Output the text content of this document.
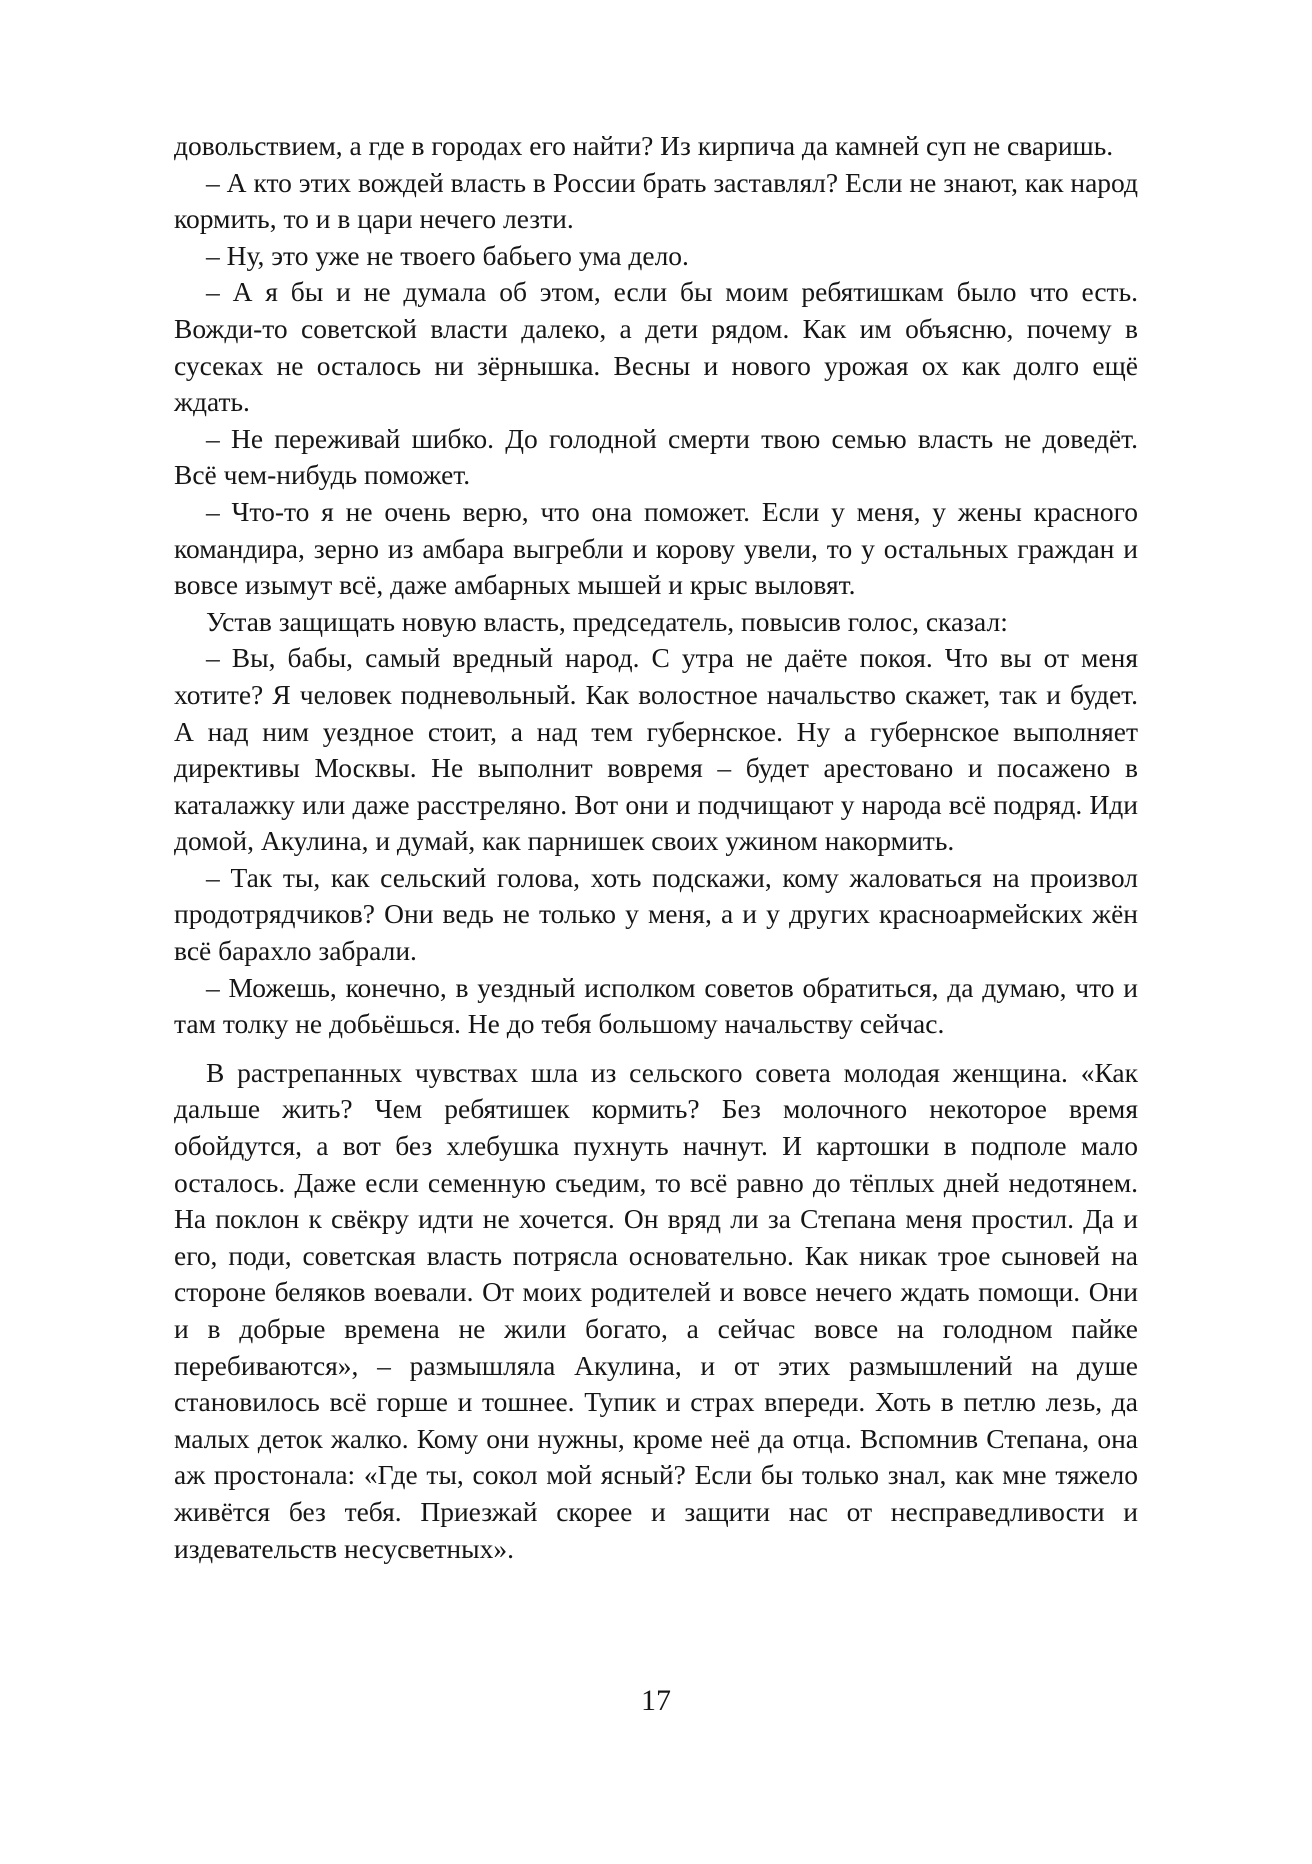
довольствием, а где в городах его найти? Из кирпича да камней суп не сваришь.

– А кто этих вождей власть в России брать заставлял? Если не знают, как народ кормить, то и в цари нечего лезти.

– Ну, это уже не твоего бабьего ума дело.

– А я бы и не думала об этом, если бы моим ребятишкам было что есть. Вожди-то советской власти далеко, а дети рядом. Как им объясню, почему в сусеках не осталось ни зёрнышка. Весны и нового урожая ох как долго ещё ждать.

– Не переживай шибко. До голодной смерти твою семью власть не доведёт. Всё чем-нибудь поможет.

– Что-то я не очень верю, что она поможет. Если у меня, у жены красного командира, зерно из амбара выгребли и корову увели, то у остальных граждан и вовсе изымут всё, даже амбарных мышей и крыс выловят.

Устав защищать новую власть, председатель, повысив голос, сказал:

– Вы, бабы, самый вредный народ. С утра не даёте покоя. Что вы от меня хотите? Я человек подневольный. Как волостное начальство скажет, так и будет. А над ним уездное стоит, а над тем губернское. Ну а губернское выполняет директивы Москвы. Не выполнит вовремя – будет арестовано и посажено в каталажку или даже расстреляно. Вот они и подчищают у народа всё подряд. Иди домой, Акулина, и думай, как парнишек своих ужином накормить.

– Так ты, как сельский голова, хоть подскажи, кому жаловаться на произвол продотрядчиков? Они ведь не только у меня, а и у других красноармейских жён всё барахло забрали.

– Можешь, конечно, в уездный исполком советов обратиться, да думаю, что и там толку не добьёшься. Не до тебя большому начальству сейчас.

В растрепанных чувствах шла из сельского совета молодая женщина. «Как дальше жить? Чем ребятишек кормить? Без молочного некоторое время обойдутся, а вот без хлебушка пухнуть начнут. И картошки в подполе мало осталось. Даже если семенную съедим, то всё равно до тёплых дней недотянем. На поклон к свёкру идти не хочется. Он вряд ли за Степана меня простил. Да и его, поди, советская власть потрясла основательно. Как никак трое сыновей на стороне беляков воевали. От моих родителей и вовсе нечего ждать помощи. Они и в добрые времена не жили богато, а сейчас вовсе на голодном пайке перебиваются», – размышляла Акулина, и от этих размышлений на душе становилось всё горше и тошнее. Тупик и страх впереди. Хоть в петлю лезь, да малых деток жалко. Кому они нужны, кроме неё да отца. Вспомнив Степана, она аж простонала: «Где ты, сокол мой ясный? Если бы только знал, как мне тяжело живётся без тебя. Приезжай скорее и защити нас от несправедливости и издевательств несусветных».

17
